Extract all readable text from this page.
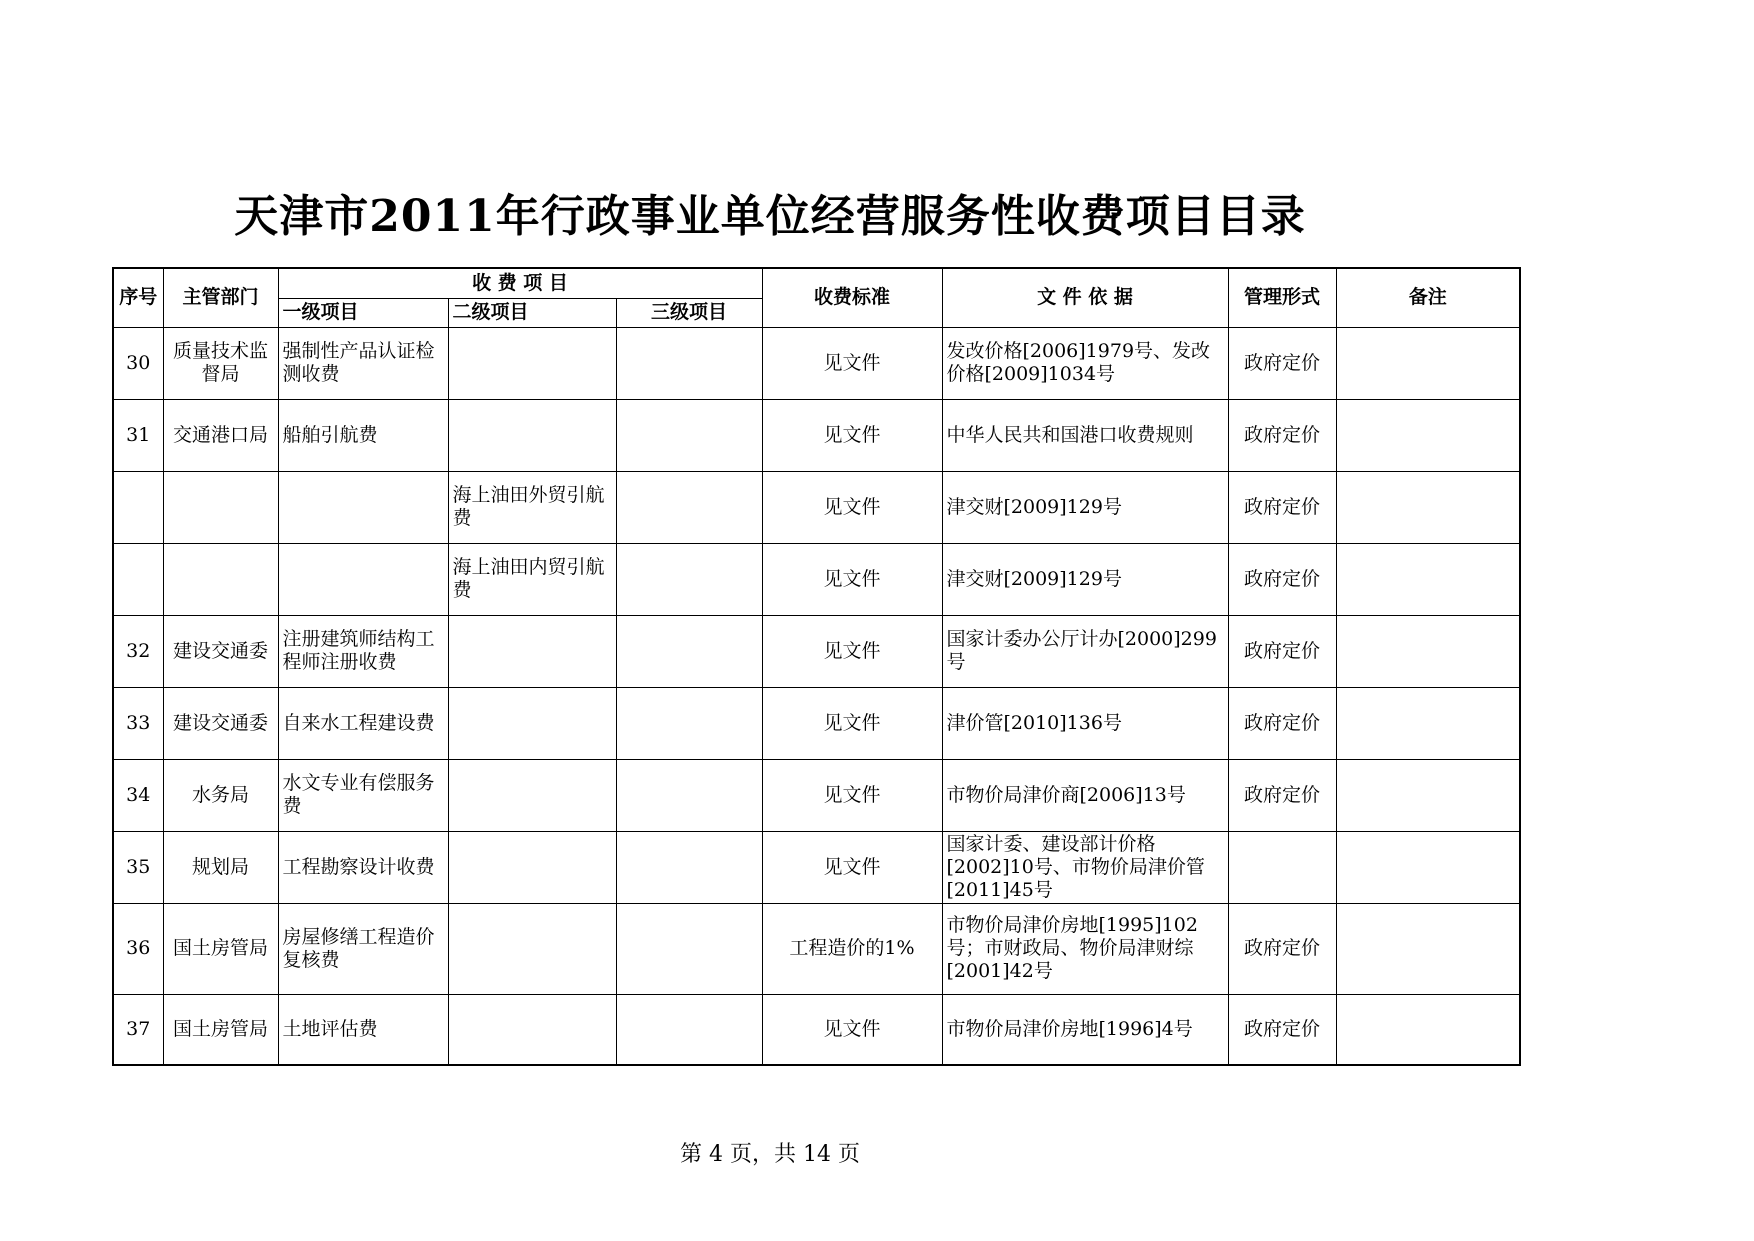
天津市2011年行政事业单位经营服务性收费项目目录
序号	主管部门	收 费 项 目			收费标准	文 件 依 据	管理形式	备注
		一级项目	二级项目	三级项目				
30	质量技术监督局	强制性产品认证检测收费			见文件	发改价格[2006]1979号、发改价格[2009]1034号	政府定价	
31	交通港口局	船舶引航费			见文件	中华人民共和国港口收费规则	政府定价	
			海上油田外贸引航费		见文件	津交财[2009]129号	政府定价	
			海上油田内贸引航费		见文件	津交财[2009]129号	政府定价	
32	建设交通委	注册建筑师结构工程师注册收费			见文件	国家计委办公厅计办[2000]299号	政府定价	
33	建设交通委	自来水工程建设费			见文件	津价管[2010]136号	政府定价	
34	水务局	水文专业有偿服务费			见文件	市物价局津价商[2006]13号	政府定价	
35	规划局	工程勘察设计收费			见文件	国家计委、建设部计价格[2002]10号、市物价局津价管[2011]45号		
36	国土房管局	房屋修缮工程造价复核费			工程造价的1%	市物价局津价房地[1995]102号；市财政局、物价局津财综[2001]42号	政府定价	
37	国土房管局	土地评估费			见文件	市物价局津价房地[1996]4号	政府定价	
第 4 页，共 14 页
